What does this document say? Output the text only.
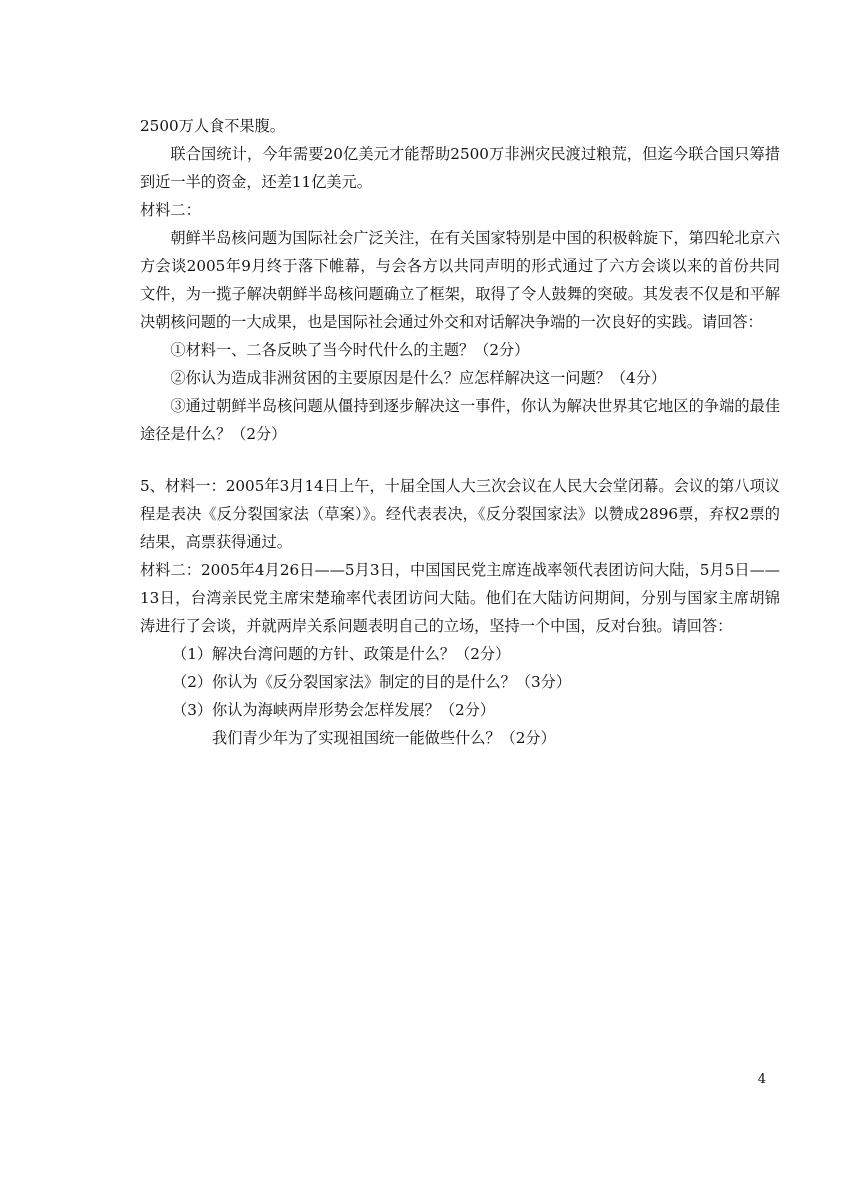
2500万人食不果腹。

联合国统计，今年需要20亿美元才能帮助2500万非洲灾民渡过粮荒，但迄今联合国只筹措到近一半的资金，还差11亿美元。

材料二：

朝鲜半岛核问题为国际社会广泛关注，在有关国家特别是中国的积极斡旋下，第四轮北京六方会谈2005年9月终于落下帷幕，与会各方以共同声明的形式通过了六方会谈以来的首份共同文件，为一揽子解决朝鲜半岛核问题确立了框架，取得了令人鼓舞的突破。其发表不仅是和平解决朝核问题的一大成果，也是国际社会通过外交和对话解决争端的一次良好的实践。请回答：

①材料一、二各反映了当今时代什么的主题？（2分）

②你认为造成非洲贫困的主要原因是什么？应怎样解决这一问题？（4分）

③通过朝鲜半岛核问题从僵持到逐步解决这一事件，你认为解决世界其它地区的争端的最佳途径是什么？（2分）

5、材料一：2005年3月14日上午，十届全国人大三次会议在人民大会堂闭幕。会议的第八项议程是表决《反分裂国家法（草案）》。经代表表决，《反分裂国家法》以赞成2896票，弃权2票的结果，高票获得通过。

材料二：2005年4月26日——5月3日，中国国民党主席连战率领代表团访问大陆，5月5日——13日，台湾亲民党主席宋楚瑜率代表团访问大陆。他们在大陆访问期间，分别与国家主席胡锦涛进行了会谈，并就两岸关系问题表明自己的立场，坚持一个中国，反对台独。请回答：

（1）解决台湾问题的方针、政策是什么？（2分）

（2）你认为《反分裂国家法》制定的目的是什么？（3分）

（3）你认为海峡两岸形势会怎样发展？（2分）

我们青少年为了实现祖国统一能做些什么？（2分）

4
